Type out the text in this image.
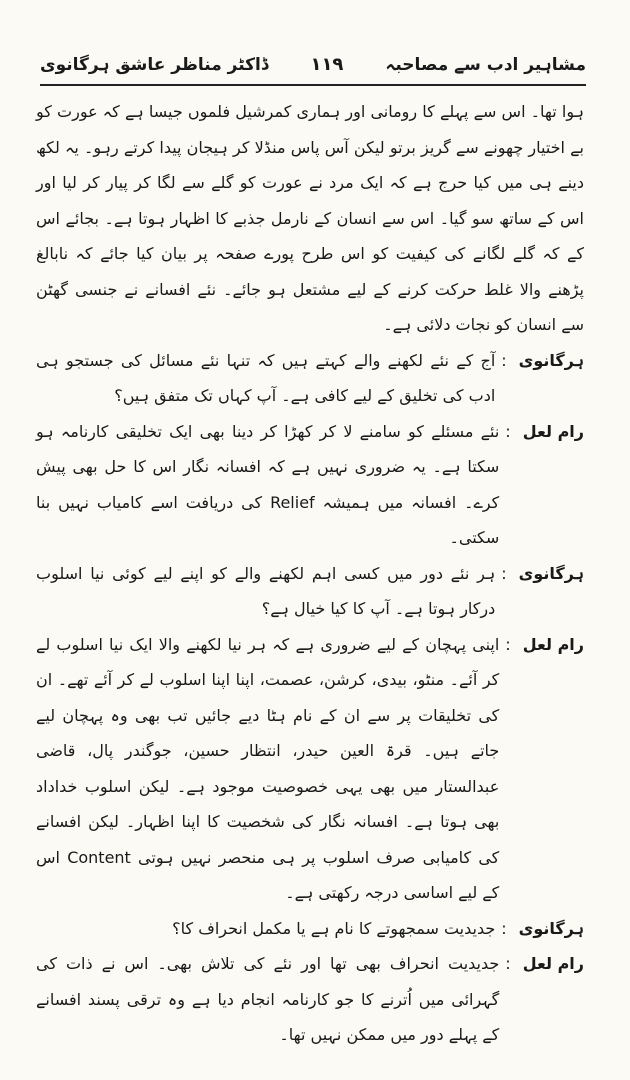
ڈاکٹر مناظر عاشق ہرگانوی ۱۱۹ مشاہیر ادب سے مصاحبہ

ہوا تھا۔ اس سے پہلے کا رومانی اور ہماری کمرشیل فلموں جیسا ہے کہ عورت کو بے اختیار چھونے سے گریز برتو لیکن آس پاس منڈلا کر ہیجان پیدا کرتے رہو۔ یہ لکھ دینے ہی میں کیا حرج ہے کہ ایک مرد نے عورت کو گلے سے لگا کر پیار کر لیا اور اس کے ساتھ سو گیا۔ اس سے انسان کے نارمل جذبے کا اظہار ہوتا ہے۔ بجائے اس کے کہ گلے لگانے کی کیفیت کو اس طرح پورے صفحہ پر بیان کیا جائے کہ نابالغ پڑھنے والا غلط حرکت کرنے کے لیے مشتعل ہو جائے۔ نئے افسانے نے جنسی گھٹن سے انسان کو نجات دلائی ہے۔

ہرگانوی
:
آج کے نئے لکھنے والے کہتے ہیں کہ تنہا نئے مسائل کی جستجو ہی ادب کی تخلیق کے لیے کافی ہے۔ آپ کہاں تک متفق ہیں؟
رام لعل
:
نئے مسئلے کو سامنے لا کر کھڑا کر دینا بھی ایک تخلیقی کارنامہ ہو سکتا ہے۔ یہ ضروری نہیں ہے کہ افسانہ نگار اس کا حل بھی پیش کرے۔ افسانہ میں ہمیشہ Relief کی دریافت اسے کامیاب نہیں بنا سکتی۔
ہرگانوی
:
ہر نئے دور میں کسی اہم لکھنے والے کو اپنے لیے کوئی نیا اسلوب درکار ہوتا ہے۔ آپ کا کیا خیال ہے؟
رام لعل
:
اپنی پہچان کے لیے ضروری ہے کہ ہر نیا لکھنے والا ایک نیا اسلوب لے کر آئے۔ منٹو، بیدی، کرشن، عصمت، اپنا اپنا اسلوب لے کر آئے تھے۔ ان کی تخلیقات پر سے ان کے نام ہٹا دیے جائیں تب بھی وہ پہچان لیے جاتے ہیں۔ قرۃ العین حیدر، انتظار حسین، جوگندر پال، قاضی عبدالستار میں بھی یہی خصوصیت موجود ہے۔ لیکن اسلوب خداداد بھی ہوتا ہے۔ افسانہ نگار کی شخصیت کا اپنا اظہار۔ لیکن افسانے کی کامیابی صرف اسلوب پر ہی منحصر نہیں ہوتی Content اس کے لیے اساسی درجہ رکھتی ہے۔
ہرگانوی
:
جدیدیت سمجھوتے کا نام ہے یا مکمل انحراف کا؟
رام لعل
:
جدیدیت انحراف بھی تھا اور نئے کی تلاش بھی۔ اس نے ذات کی گہرائی میں اُترنے کا جو کارنامہ انجام دیا ہے وہ ترقی پسند افسانے کے پہلے دور میں ممکن نہیں تھا۔
